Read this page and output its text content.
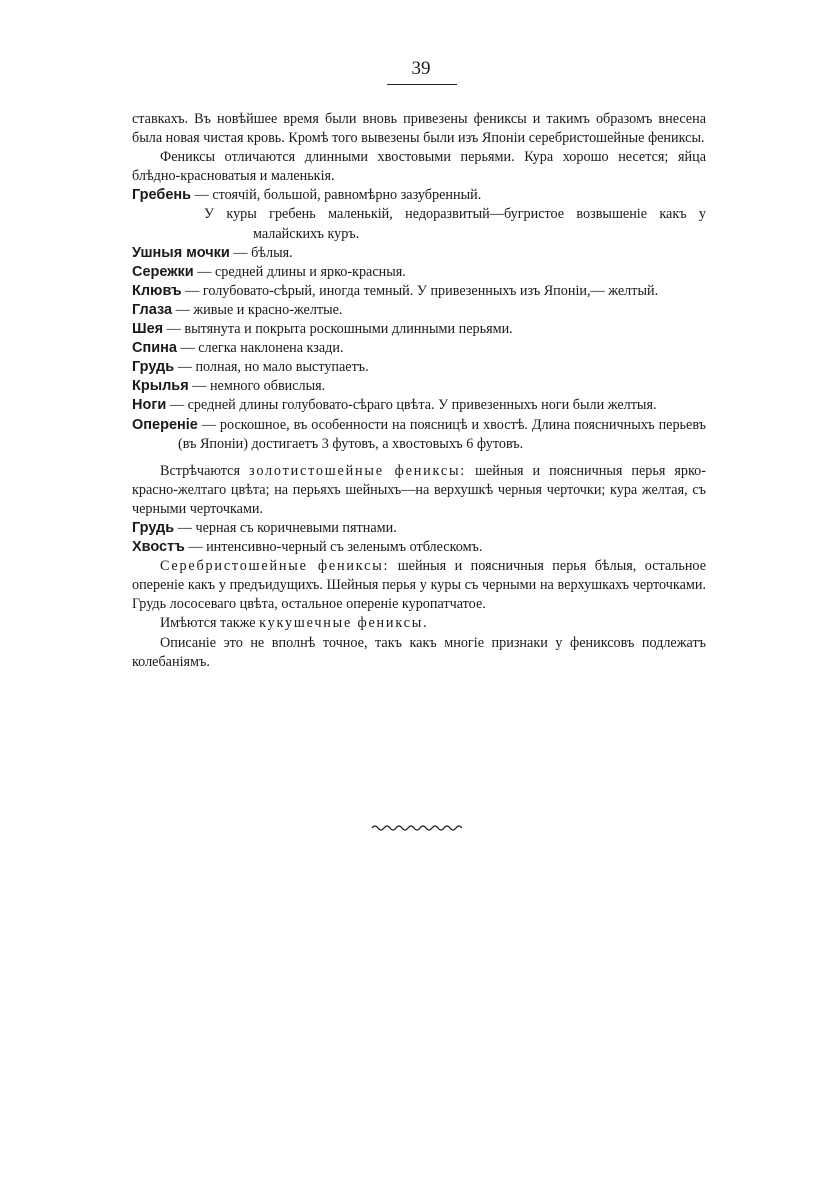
39

ставкахъ. Въ новѣйшее время были вновь привезены фениксы и такимъ образомъ внесена была новая чистая кровь. Кромѣ того вывезены были изъ Японіи серебристошейные фениксы.

Фениксы отличаются длинными хвостовыми перьями. Кура хорошо несется; яйца блѣдно-красноватыя и маленькія.

Гребень — стоячій, большой, равномѣрно зазубренный.

У куры гребень маленькій, недоразвитый—бугристое возвышеніе какъ у малайскихъ куръ.

Ушныя мочки — бѣлыя.

Сережки — средней длины и ярко-красныя.

Клювъ — голубовато-сѣрый, иногда темный. У привезенныхъ изъ Японіи,— желтый.

Глаза — живые и красно-желтые.

Шея — вытянута и покрыта роскошными длинными перьями.

Спина — слегка наклонена кзади.

Грудь — полная, но мало выступаетъ.

Крылья — немного обвислыя.

Ноги — средней длины голубовато-сѣраго цвѣта. У привезенныхъ ноги были желтыя.

Опереніе — роскошное, въ особенности на поясницѣ и хвостѣ. Длина поясничныхъ перьевъ (въ Японіи) достигаетъ 3 футовъ, а хвостовыхъ 6 футовъ.

Встрѣчаются золотистошейные фениксы: шейныя и поясничныя перья ярко-красно-желтаго цвѣта; на перьяхъ шейныхъ—на верхушкѣ черныя черточки; кура желтая, съ черными черточками.

Грудь — черная съ коричневыми пятнами.

Хвостъ — интенсивно-черный съ зеленымъ отблескомъ.

Серебристошейные фениксы: шейныя и поясничныя перья бѣлыя, остальное опереніе какъ у предъидущихъ. Шейныя перья у куры съ черными на верхушкахъ черточками. Грудь лососеваго цвѣта, остальное опереніе куропатчатое.

Имѣются также кукушечные фениксы.

Описаніе это не вполнѣ точное, такъ какъ многіе признаки у фениксовъ подлежатъ колебаніямъ.
